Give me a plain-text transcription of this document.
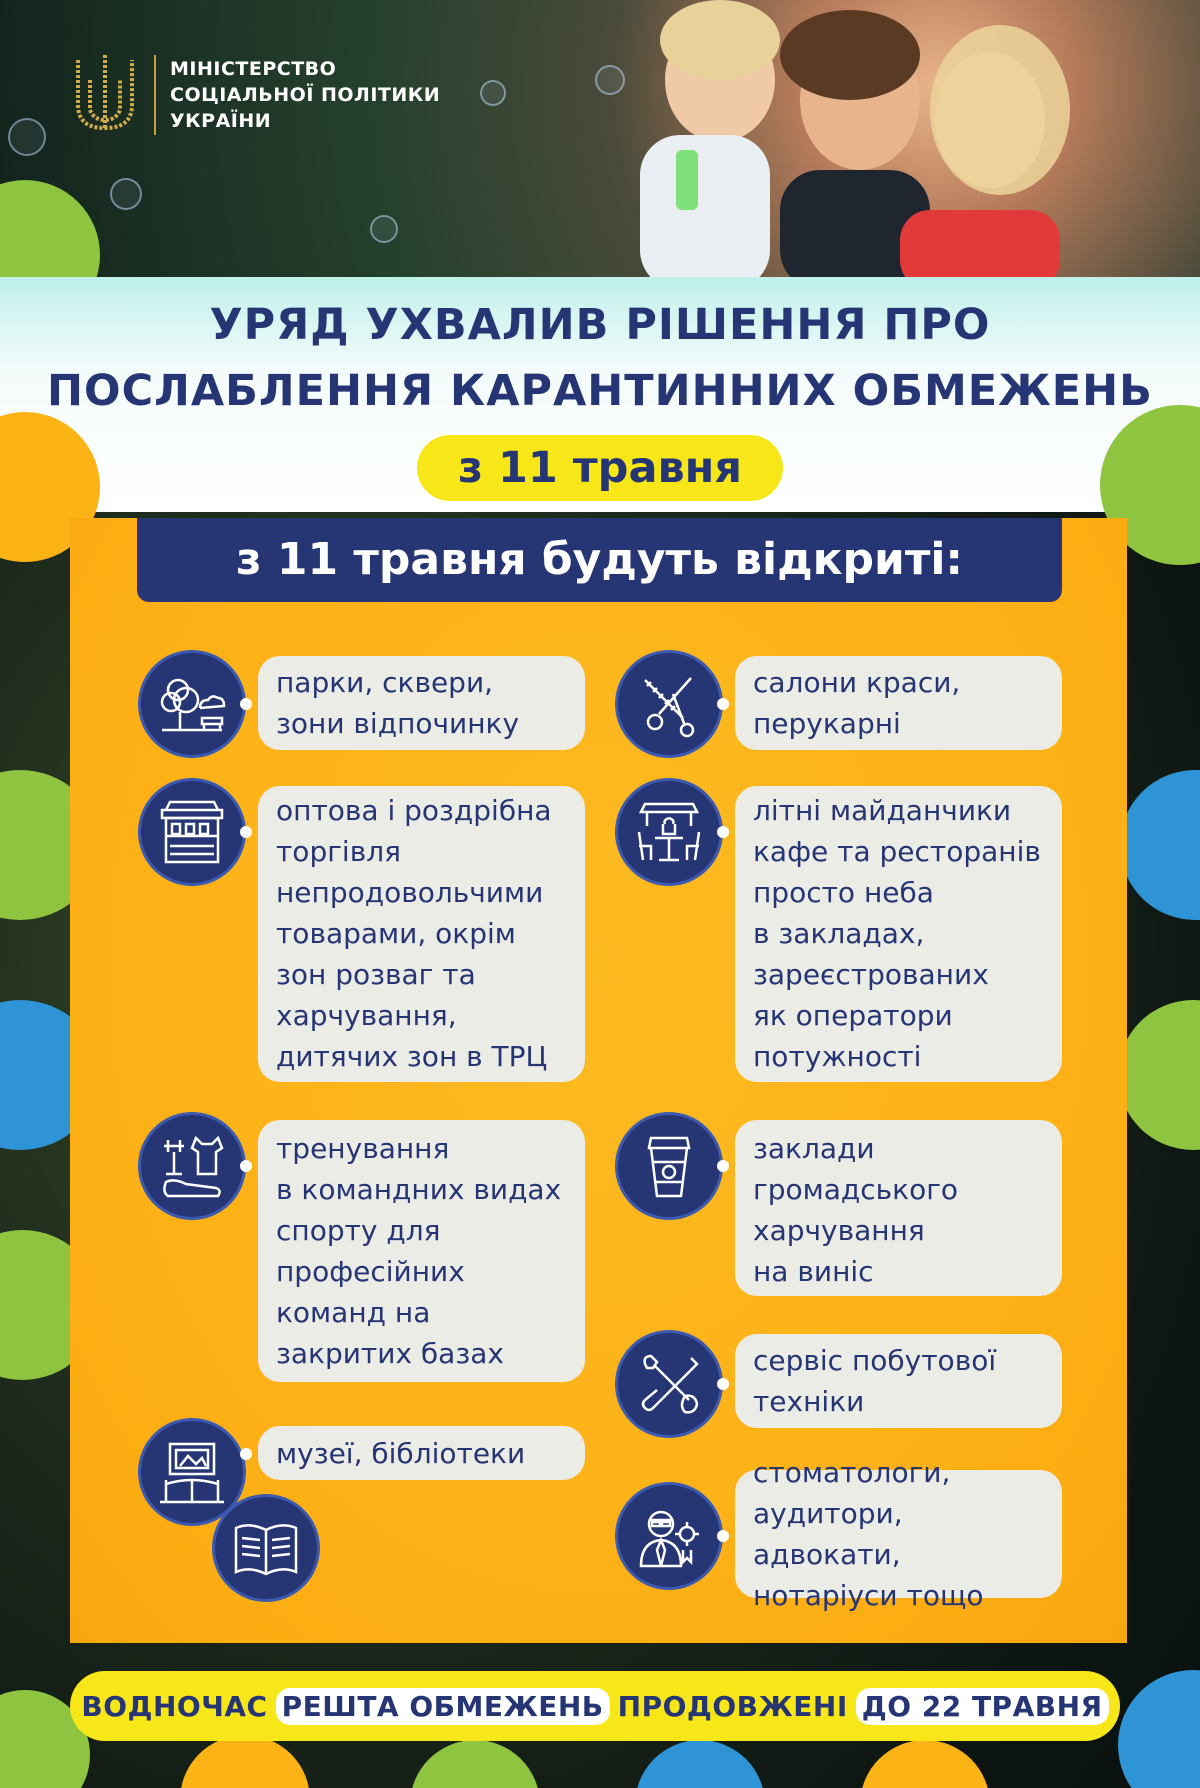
МІНІСТЕРСТВО
СОЦІАЛЬНОЇ ПОЛІТИКИ
УКРАЇНИ
УРЯД УХВАЛИВ РІШЕННЯ ПРО
ПОСЛАБЛЕННЯ КАРАНТИННИХ ОБМЕЖЕНЬ
з 11 травня
з 11 травня будуть відкриті:
парки, сквери,
зони відпочинку
оптова і роздрібна
торгівля
непродовольчими
товарами, окрім
зон розваг та
харчування,
дитячих зон в ТРЦ
тренування
в командних видах
спорту для
професійних
команд на
закритих базах
музеї, бібліотеки
салони краси,
перукарні
літні майданчики
кафе та ресторанів
просто неба
в закладах,
зареєстрованих
як оператори
потужності
заклади
громадського
харчування
на виніс
сервіс побутової
техніки
стоматологи,
аудитори, адвокати,
нотаріуси тощо
ВОДНОЧАС РЕШТА ОБМЕЖЕНЬ ПРОДОВЖЕНІ ДО 22 ТРАВНЯ
